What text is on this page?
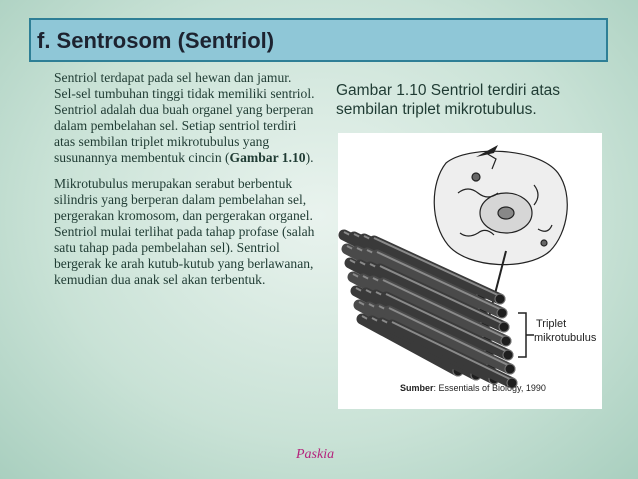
f. Sentrosom (Sentriol)

Sentriol terdapat pada sel hewan dan jamur. Sel-sel tumbuhan tinggi tidak memiliki sentriol. Sentriol adalah dua buah organel yang berperan dalam pembelahan sel. Setiap sentriol terdiri atas sembilan triplet mikrotubulus yang susunannya membentuk cincin (Gambar 1.10).

Mikrotubulus merupakan serabut berbentuk silindris yang berperan dalam pembelahan sel, pergerakan kromosom, dan pergerakan organel. Sentriol mulai terlihat pada tahap profase (salah satu tahap pada pembelahan sel). Sentriol bergerak ke arah kutub-kutub yang berlawanan, kemudian dua anak sel akan terbentuk.

Gambar 1.10 Sentriol terdiri atas sembilan triplet mikrotubulus.
Triplet
mikrotubulus
Sumber: Essentials of Biology, 1990
Paskia
